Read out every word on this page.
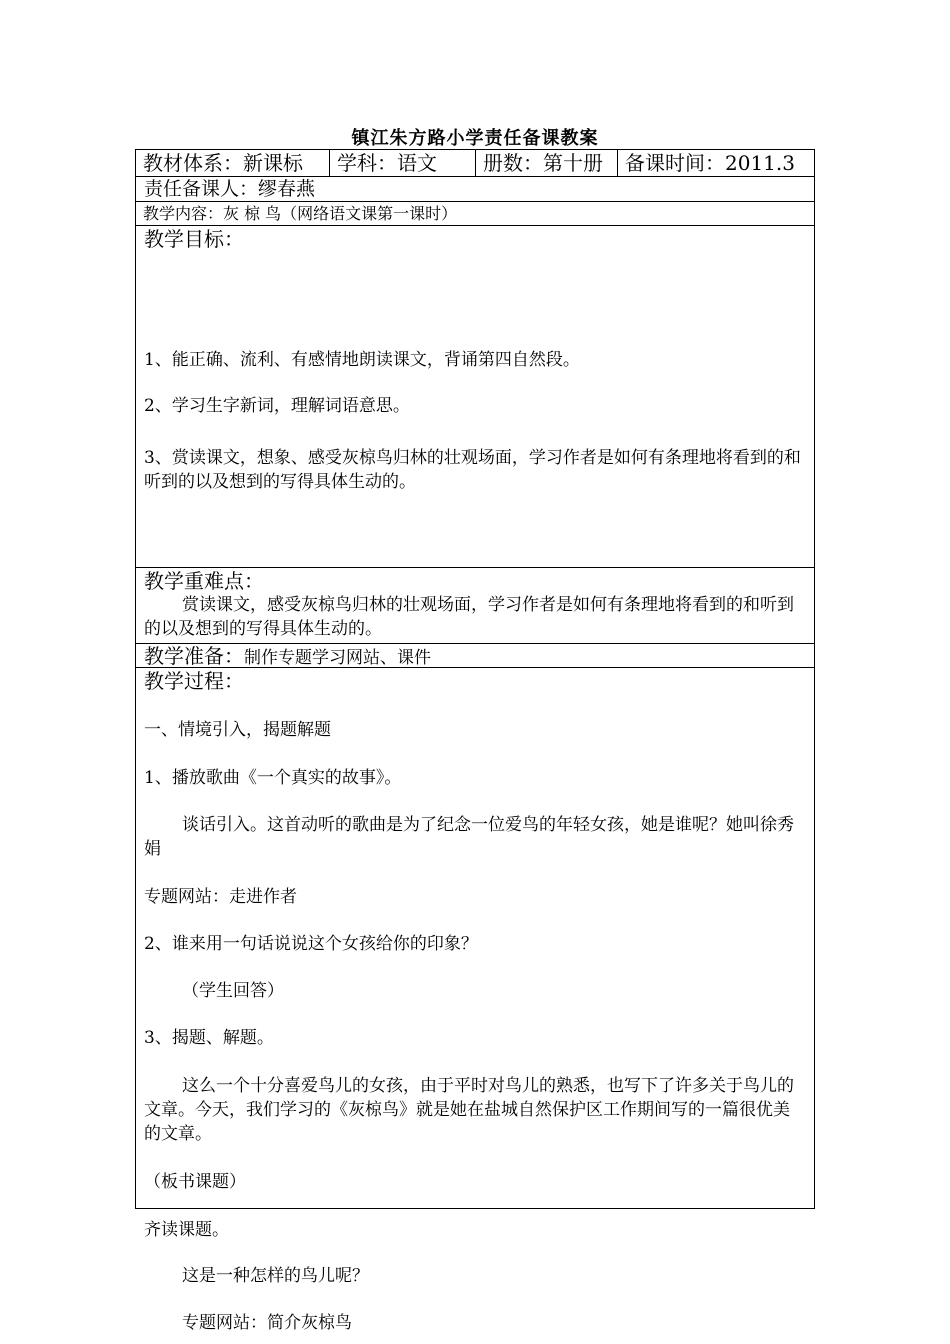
镇江朱方路小学责任备课教案
教材体系：新课标	学科：语文	册数：第十册	备课时间：2011.3
责任备课人：缪春燕
教学内容：灰 椋 鸟（网络语文课第一课时）
教学目标：
1、能正确、流利、有感情地朗读课文，背诵第四自然段。
2、学习生字新词，理解词语意思。
3、赏读课文，想象、感受灰椋鸟归林的壮观场面，学习作者是如何有条理地将看到的和听到的以及想到的写得具体生动的。
教学重难点：
赏读课文，感受灰椋鸟归林的壮观场面，学习作者是如何有条理地将看到的和听到的以及想到的写得具体生动的。
教学准备：制作专题学习网站、课件
教学过程：
一、情境引入，揭题解题
1、播放歌曲《一个真实的故事》。
谈话引入。这首动听的歌曲是为了纪念一位爱鸟的年轻女孩，她是谁呢？她叫徐秀娟
专题网站：走进作者
2、谁来用一句话说说这个女孩给你的印象？
（学生回答）
3、揭题、解题。
这么一个十分喜爱鸟儿的女孩，由于平时对鸟儿的熟悉，也写下了许多关于鸟儿的文章。今天，我们学习的《灰椋鸟》就是她在盐城自然保护区工作期间写的一篇很优美的文章。
（板书课题）
齐读课题。
这是一种怎样的鸟儿呢？
专题网站：简介灰椋鸟
